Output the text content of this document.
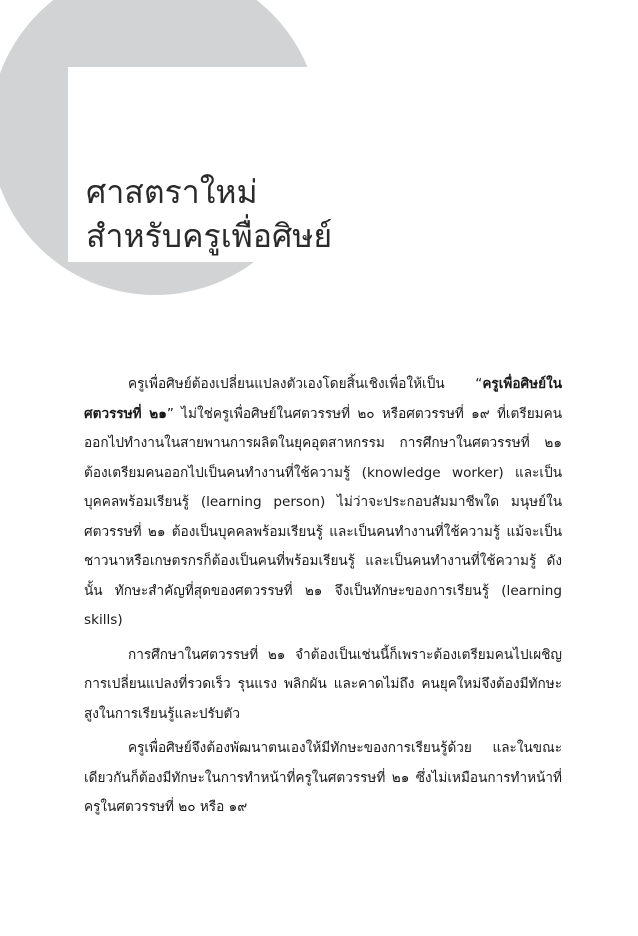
ศาสตราใหม่
สำหรับครูเพื่อศิษย์

ครูเพื่อศิษย์ต้องเปลี่ยนแปลงตัวเองโดยสิ้นเชิงเพื่อให้เป็น “ครูเพื่อศิษย์ในศตวรรษที่ ๒๑” ไม่ใช่ครูเพื่อศิษย์ในศตวรรษที่ ๒๐ หรือศตวรรษที่ ๑๙ ที่เตรียมคนออกไปทำงานในสายพานการผลิตในยุคอุตสาหกรรม การศึกษาในศตวรรษที่ ๒๑ ต้องเตรียมคนออกไปเป็นคนทำงานที่ใช้ความรู้ (knowledge worker) และเป็นบุคคลพร้อมเรียนรู้ (learning person) ไม่ว่าจะประกอบสัมมาชีพใด มนุษย์ในศตวรรษที่ ๒๑ ต้องเป็นบุคคลพร้อมเรียนรู้ และเป็นคนทำงานที่ใช้ความรู้ แม้จะเป็นชาวนาหรือเกษตรกรก็ต้องเป็นคนที่พร้อมเรียนรู้ และเป็นคนทำงานที่ใช้ความรู้ ดังนั้น ทักษะสำคัญที่สุดของศตวรรษที่ ๒๑ จึงเป็นทักษะของการเรียนรู้ (learning skills)

การศึกษาในศตวรรษที่ ๒๑ จำต้องเป็นเช่นนี้ก็เพราะต้องเตรียมคนไปเผชิญการเปลี่ยนแปลงที่รวดเร็ว รุนแรง พลิกผัน และคาดไม่ถึง คนยุคใหม่จึงต้องมีทักษะสูงในการเรียนรู้และปรับตัว

ครูเพื่อศิษย์จึงต้องพัฒนาตนเองให้มีทักษะของการเรียนรู้ด้วย และในขณะเดียวกันก็ต้องมีทักษะในการทำหน้าที่ครูในศตวรรษที่ ๒๑ ซึ่งไม่เหมือนการทำหน้าที่ครูในศตวรรษที่ ๒๐ หรือ ๑๙
